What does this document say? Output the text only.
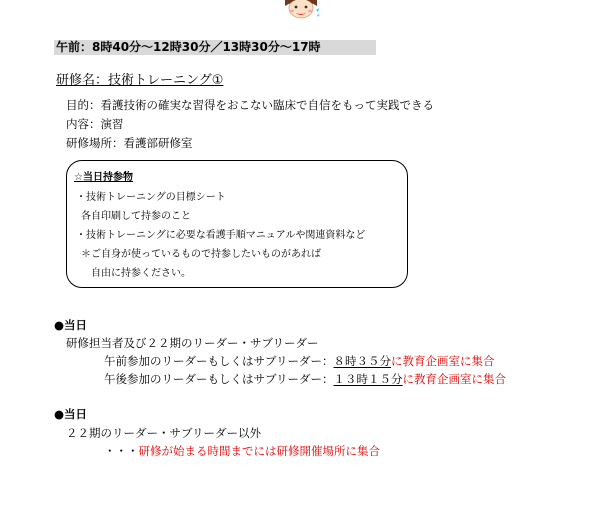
午前：8時40分～12時30分／13時30分～17時
研修名：技術トレーニング①
目的：看護技術の確実な習得をおこない臨床で自信をもって実践できる
内容：演習
研修場所：看護部研修室
☆当日持参物
・技術トレーニングの目標シート
各自印刷して持参のこと
・技術トレーニングに必要な看護手順マニュアルや関連資料など
＊ご自身が使っているもので持参したいものがあれば
自由に持参ください。
●当日
研修担当者及び２２期のリーダー・サブリーダー
午前参加のリーダーもしくはサブリーダー：８時３５分に教育企画室に集合
午後参加のリーダーもしくはサブリーダー：１３時１５分に教育企画室に集合
●当日
２２期のリーダー・サブリーダー以外
・・・研修が始まる時間までには研修開催場所に集合
